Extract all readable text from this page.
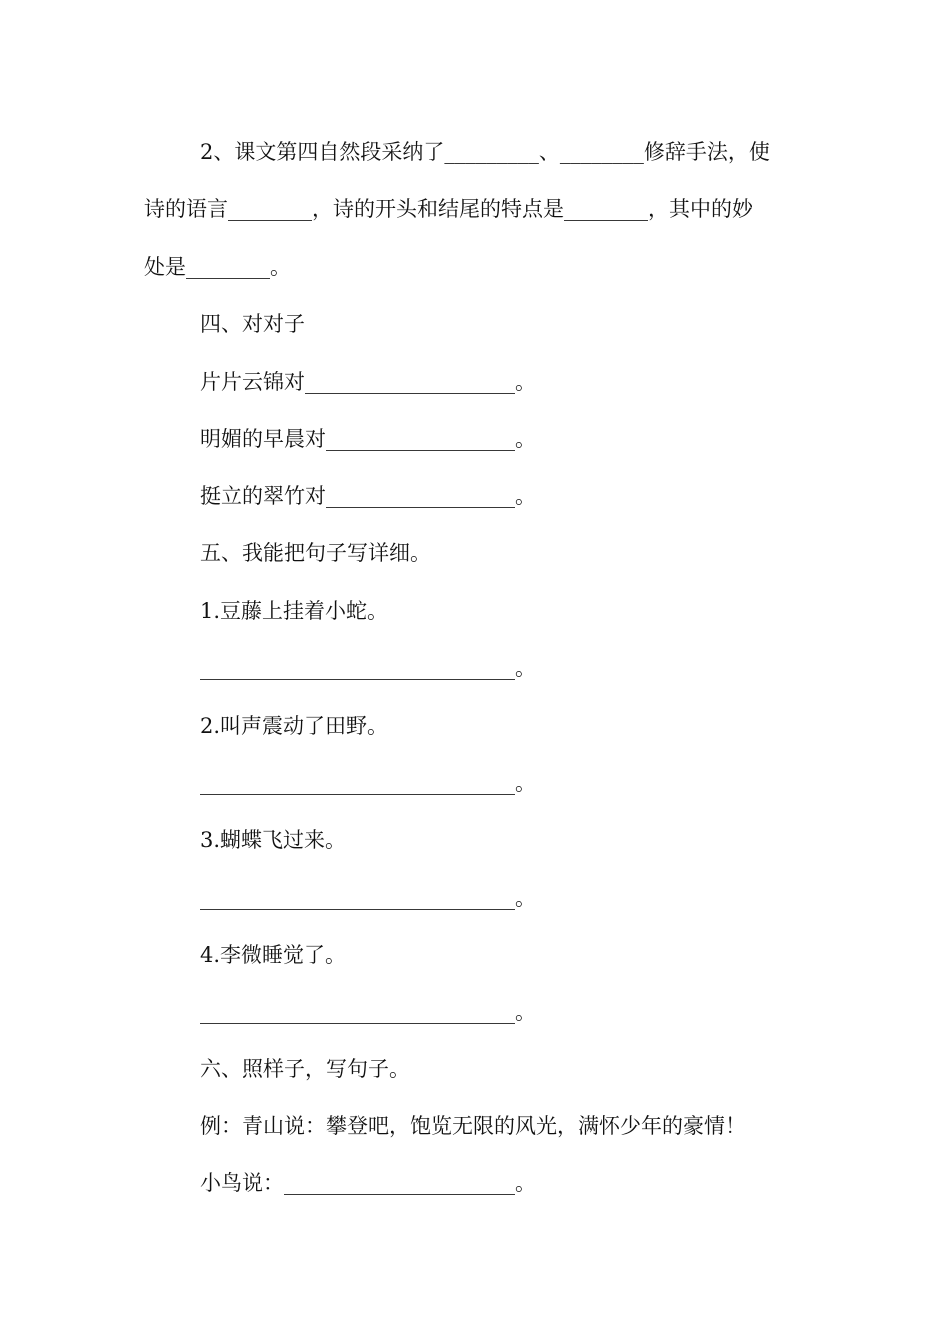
2、课文第四自然段采纳了_________、________修辞手法，使

诗的语言________，诗的开头和结尾的特点是________，其中的妙

处是________。

四、对对子

片片云锦对____________________。

明媚的早晨对__________________。

挺立的翠竹对__________________。

五、我能把句子写详细。

1.豆藤上挂着小蛇。

______________________________。

2.叫声震动了田野。

______________________________。

3.蝴蝶飞过来。

______________________________。

4.李微睡觉了。

______________________________。

六、照样子，写句子。

例：青山说：攀登吧，饱览无限的风光，满怀少年的豪情！

小鸟说：______________________。
